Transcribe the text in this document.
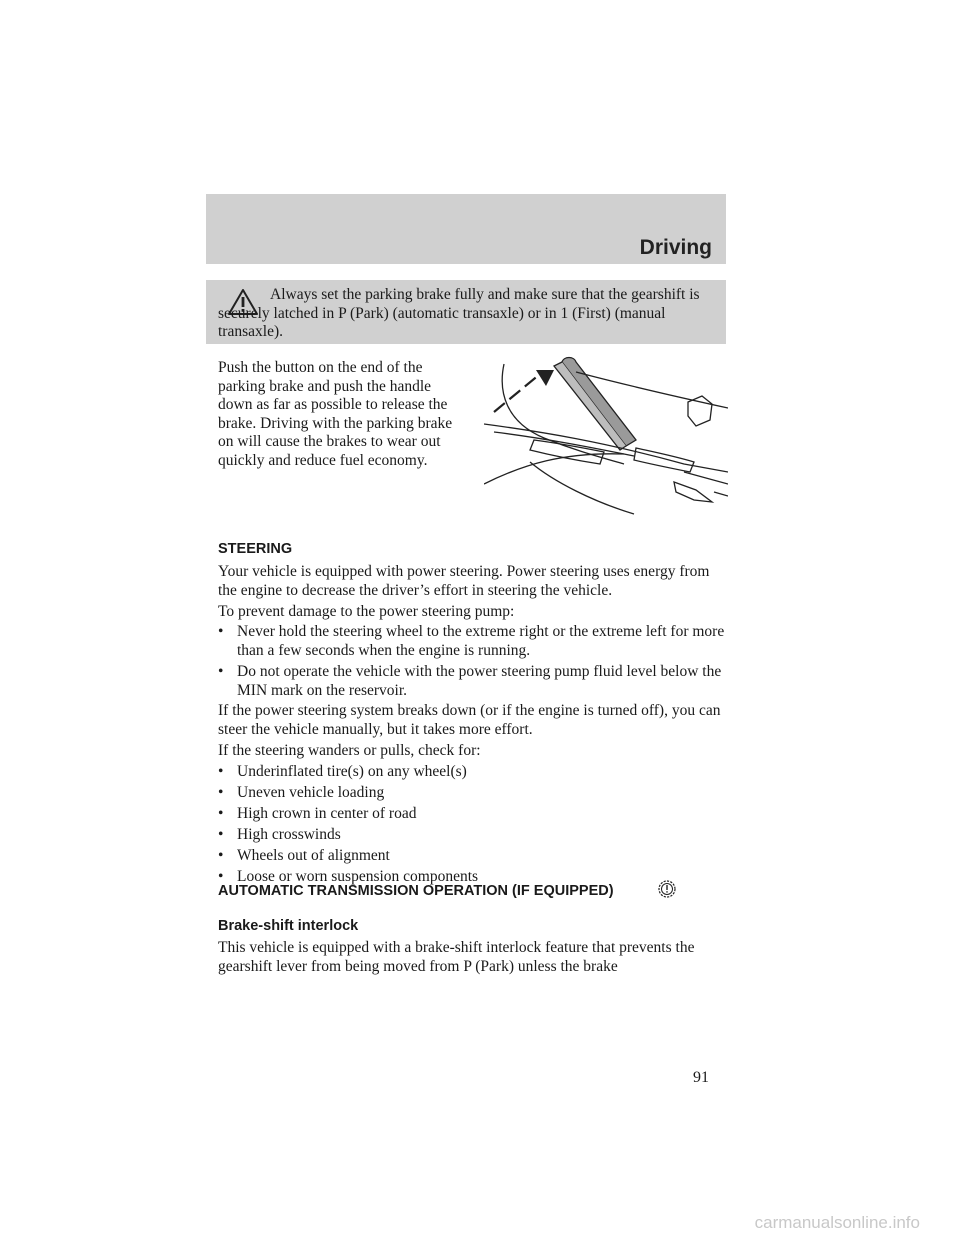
Driving
Always set the parking brake fully and make sure that the gearshift is securely latched in P (Park) (automatic transaxle) or in 1 (First) (manual transaxle).
Push the button on the end of the parking brake and push the handle down as far as possible to release the brake. Driving with the parking brake on will cause the brakes to wear out quickly and reduce fuel economy.
STEERING

Your vehicle is equipped with power steering. Power steering uses energy from the engine to decrease the driver’s effort in steering the vehicle.

To prevent damage to the power steering pump:

• Never hold the steering wheel to the extreme right or the extreme left for more than a few seconds when the engine is running.
• Do not operate the vehicle with the power steering pump fluid level below the MIN mark on the reservoir.

If the power steering system breaks down (or if the engine is turned off), you can steer the vehicle manually, but it takes more effort.

If the steering wanders or pulls, check for:

• Underinflated tire(s) on any wheel(s)
• Uneven vehicle loading
• High crown in center of road
• High crosswinds
• Wheels out of alignment
• Loose or worn suspension components
AUTOMATIC TRANSMISSION OPERATION (IF EQUIPPED)
Brake-shift interlock

This vehicle is equipped with a brake-shift interlock feature that prevents the gearshift lever from being moved from P (Park) unless the brake

91
carmanualsonline.info
